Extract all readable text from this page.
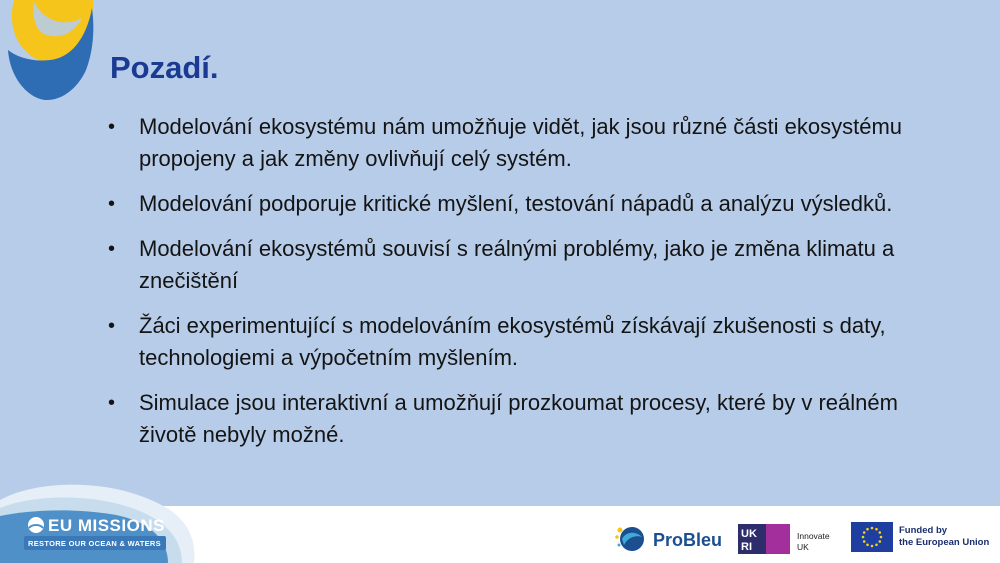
Pozadí.
• Modelování ekosystému nám umožňuje vidět, jak jsou různé části ekosystému propojeny a jak změny ovlivňují celý systém.
• Modelování podporuje kritické myšlení, testování nápadů a analýzu výsledků.
• Modelování ekosystémů souvisí s reálnými problémy, jako je změna klimatu a znečištění
• Žáci experimentující s modelováním ekosystémů získávají zkušenosti s daty, technologiemi a výpočetním myšlením.
• Simulace jsou interaktivní a umožňují prozkoumat procesy, které by v reálném životě nebyly možné.
EU MISSIONS
RESTORE OUR OCEAN & WATERS	ProBleu UK
RI
Innovate
UK
Funded by
the European Union
